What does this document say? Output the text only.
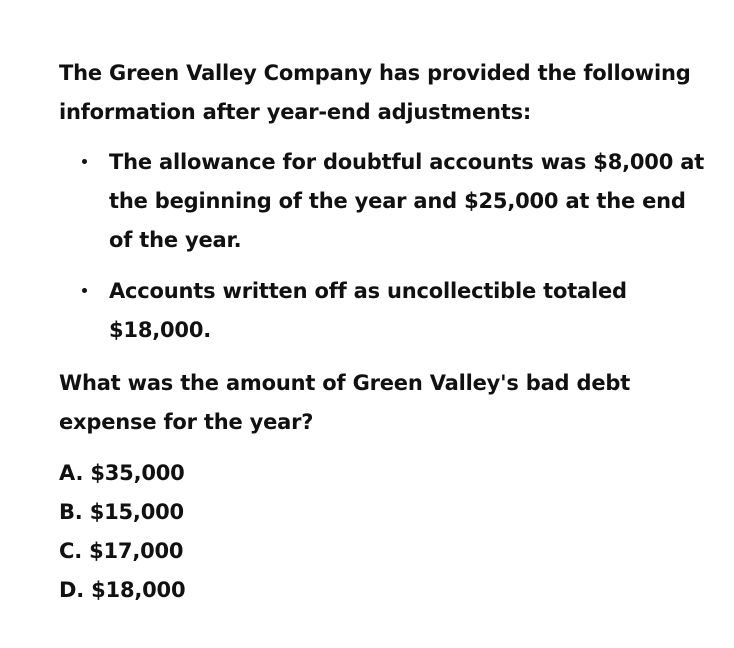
The Green Valley Company has provided the following information after year-end adjustments:
The allowance for doubtful accounts was $8,000 at the beginning of the year and $25,000 at the end of the year.
Accounts written off as uncollectible totaled $18,000.
What was the amount of Green Valley's bad debt expense for the year?
A. $35,000
B. $15,000
C. $17,000
D. $18,000
